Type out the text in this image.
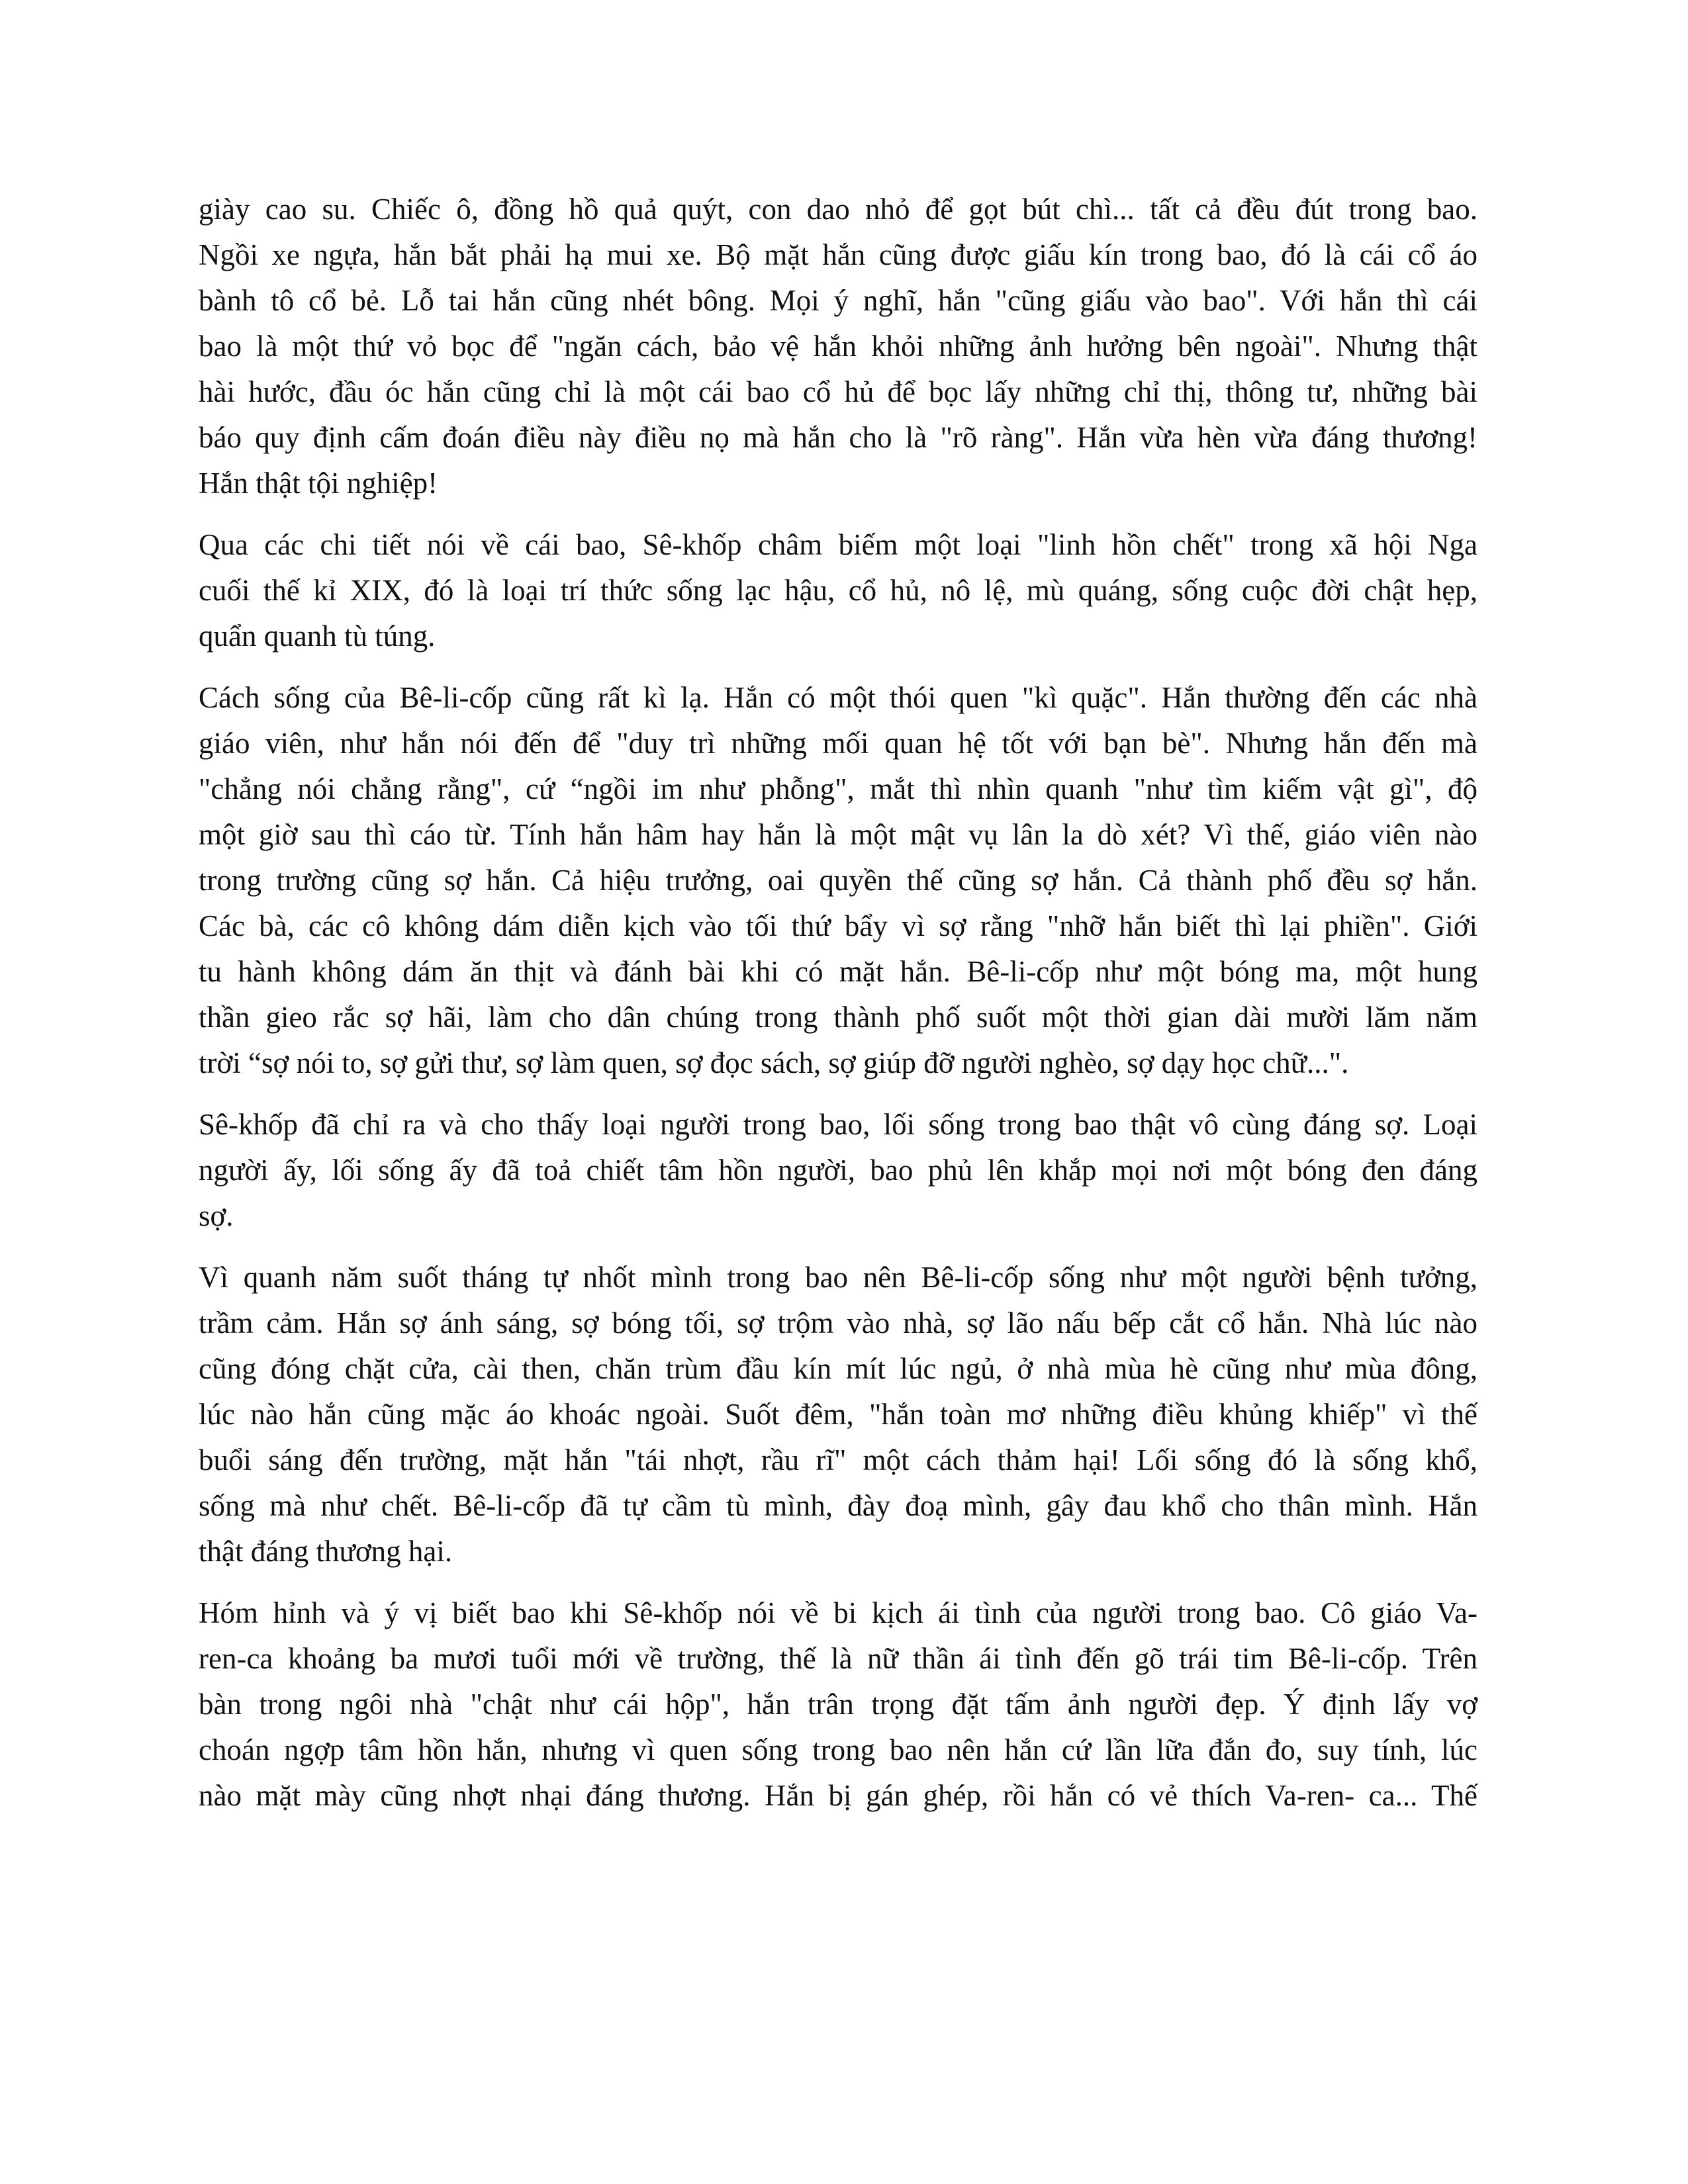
giày cao su. Chiếc ô, đồng hồ quả quýt, con dao nhỏ để gọt bút chì... tất cả đều đút trong bao.
Ngồi xe ngựa, hắn bắt phải hạ mui xe. Bộ mặt hắn cũng được giấu kín trong bao, đó là cái cổ áo
bành tô cổ bẻ. Lỗ tai hắn cũng nhét bông. Mọi ý nghĩ, hắn "cũng giấu vào bao". Với hắn thì cái
bao là một thứ vỏ bọc để "ngăn cách, bảo vệ hắn khỏi những ảnh hưởng bên ngoài". Nhưng thật
hài hước, đầu óc hắn cũng chỉ là một cái bao cổ hủ để bọc lấy những chỉ thị, thông tư, những bài
báo quy định cấm đoán điều này điều nọ mà hắn cho là "rõ ràng". Hắn vừa hèn vừa đáng thương!
Hắn thật tội nghiệp!
Qua các chi tiết nói về cái bao, Sê-khốp châm biếm một loại "linh hồn chết" trong xã hội Nga
cuối thế kỉ XIX, đó là loại trí thức sống lạc hậu, cổ hủ, nô lệ, mù quáng, sống cuộc đời chật hẹp,
quẩn quanh tù túng.
Cách sống của Bê-li-cốp cũng rất kì lạ. Hắn có một thói quen "kì quặc". Hắn thường đến các nhà
giáo viên, như hắn nói đến để "duy trì những mối quan hệ tốt với bạn bè". Nhưng hắn đến mà
"chẳng nói chẳng rằng", cứ “ngồi im như phỗng", mắt thì nhìn quanh "như tìm kiếm vật gì", độ
một giờ sau thì cáo từ. Tính hắn hâm hay hắn là một mật vụ lân la dò xét? Vì thế, giáo viên nào
trong trường cũng sợ hắn. Cả hiệu trưởng, oai quyền thế cũng sợ hắn. Cả thành phố đều sợ hắn.
Các bà, các cô không dám diễn kịch vào tối thứ bẩy vì sợ rằng "nhỡ hắn biết thì lại phiền". Giới
tu hành không dám ăn thịt và đánh bài khi có mặt hắn. Bê-li-cốp như một bóng ma, một hung
thần gieo rắc sợ hãi, làm cho dân chúng trong thành phố suốt một thời gian dài mười lăm năm
trời “sợ nói to, sợ gửi thư, sợ làm quen, sợ đọc sách, sợ giúp đỡ người nghèo, sợ dạy học chữ...".
Sê-khốp đã chỉ ra và cho thấy loại người trong bao, lối sống trong bao thật vô cùng đáng sợ. Loại
người ấy, lối sống ấy đã toả chiết tâm hồn người, bao phủ lên khắp mọi nơi một bóng đen đáng
sợ.
Vì quanh năm suốt tháng tự nhốt mình trong bao nên Bê-li-cốp sống như một người bệnh tưởng,
trầm cảm. Hắn sợ ánh sáng, sợ bóng tối, sợ trộm vào nhà, sợ lão nấu bếp cắt cổ hắn. Nhà lúc nào
cũng đóng chặt cửa, cài then, chăn trùm đầu kín mít lúc ngủ, ở nhà mùa hè cũng như mùa đông,
lúc nào hắn cũng mặc áo khoác ngoài. Suốt đêm, "hắn toàn mơ những điều khủng khiếp" vì thế
buổi sáng đến trường, mặt hắn "tái nhợt, rầu rĩ" một cách thảm hại! Lối sống đó là sống khổ,
sống mà như chết. Bê-li-cốp đã tự cầm tù mình, đày đoạ mình, gây đau khổ cho thân mình. Hắn
thật đáng thương hại.
Hóm hỉnh và ý vị biết bao khi Sê-khốp nói về bi kịch ái tình của người trong bao. Cô giáo Va-
ren-ca khoảng ba mươi tuổi mới về trường, thế là nữ thần ái tình đến gõ trái tim Bê-li-cốp. Trên
bàn trong ngôi nhà "chật như cái hộp", hắn trân trọng đặt tấm ảnh người đẹp. Ý định lấy vợ
choán ngợp tâm hồn hắn, nhưng vì quen sống trong bao nên hắn cứ lần lữa đắn đo, suy tính, lúc
nào mặt mày cũng nhợt nhại đáng thương. Hắn bị gán ghép, rồi hắn có vẻ thích Va-ren- ca... Thế
